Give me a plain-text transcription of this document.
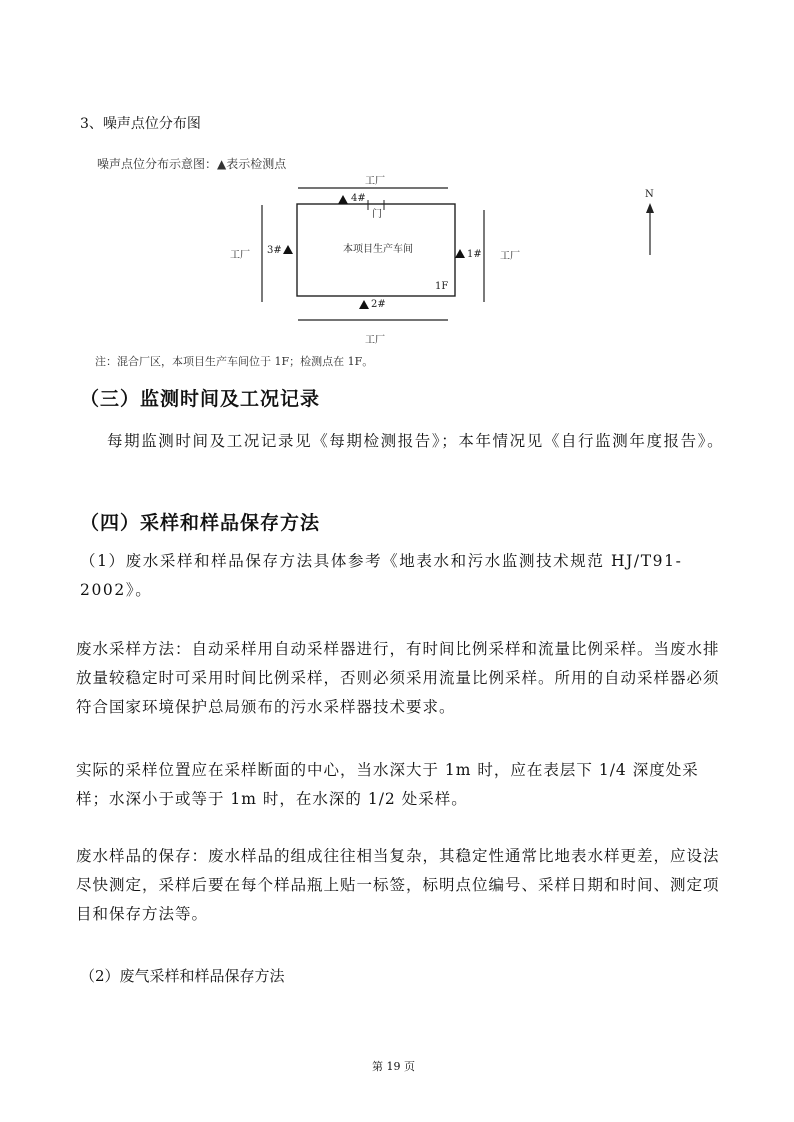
3、噪声点位分布图
噪声点位分布示意图：▲表示检测点
工厂
4#
门
工厂 3#	本项目生产车间	1# 工厂
1F
2#
工厂
N
注：混合厂区，本项目生产车间位于 1F；检测点在 1F。
（三）监测时间及工况记录

每期监测时间及工况记录见《每期检测报告》；本年情况见《自行监测年度报告》。

（四）采样和样品保存方法

（1）废水采样和样品保存方法具体参考《地表水和污水监测技术规范 HJ/T91-2002》。

废水采样方法：自动采样用自动采样器进行，有时间比例采样和流量比例采样。当废水排放量较稳定时可采用时间比例采样，否则必须采用流量比例采样。所用的自动采样器必须符合国家环境保护总局颁布的污水采样器技术要求。

实际的采样位置应在采样断面的中心，当水深大于 1m 时，应在表层下 1/4 深度处采样；水深小于或等于 1m 时，在水深的 1/2 处采样。

废水样品的保存：废水样品的组成往往相当复杂，其稳定性通常比地表水样更差，应设法尽快测定，采样后要在每个样品瓶上贴一标签，标明点位编号、采样日期和时间、测定项目和保存方法等。

（2）废气采样和样品保存方法
第 19 页
